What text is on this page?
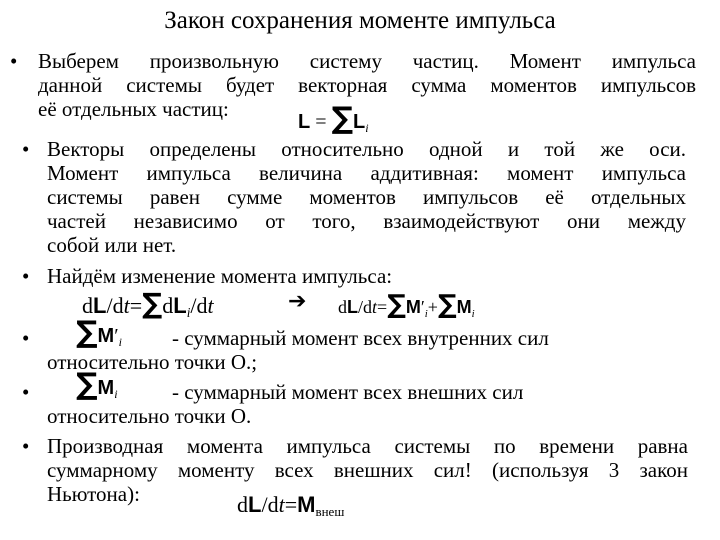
Закон сохранения моменте импульса
• Выберем произвольную систему частиц. Момент импульса
данной системы будет векторная сумма моментов импульсов
её отдельных частиц:
$L = \sum L_i$
• Векторы определены относительно одной и той же оси.
Момент импульса величина аддитивная: момент импульса
системы равен сумме моментов импульсов её отдельных
частей независимо от того, взаимодействуют они между
собой или нет.
• Найдём изменение момента импульса:
$dL/dt=\sum dL_i/dt$	➔ $dL/dt=\sum M'_i+\sum M_i$
• $\sum M'_i$ - суммарный момент всех внутренних сил
относительно точки О.;
• $\sum M_i$	- суммарный момент всех внешних сил
относительно точки О.
• Производная момента импульса системы по времени равна
суммарному моменту всех внешних сил! (используя 3 закон
Ньютона):	$dL/dt=M_{внеш}$
